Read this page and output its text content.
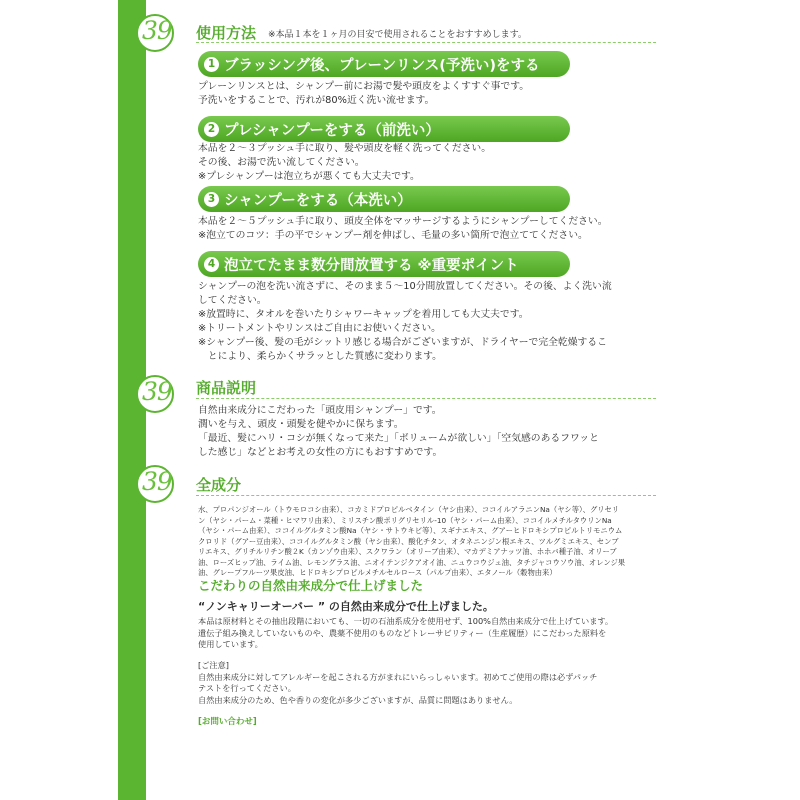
39 使用方法 ※本品１本を１ヶ月の目安で使用されることをおすすめします。
1 ブラッシング後、プレーンリンス(予洗い)をする
プレーンリンスとは、シャンプー前にお湯で髪や頭皮をよくすすぐ事です。
予洗いをすることで、汚れが80%近く洗い流せます。
2 プレシャンプーをする（前洗い）
本品を２～３プッシュ手に取り、髪や頭皮を軽く洗ってください。
その後、お湯で洗い流してください。
※プレシャンプーは泡立ちが悪くても大丈夫です。
3 シャンプーをする（本洗い）
本品を２～５プッシュ手に取り、頭皮全体をマッサージするようにシャンプーしてください。
※泡立てのコツ：手の平でシャンプー剤を伸ばし、毛量の多い箇所で泡立ててください。
4 泡立てたまま数分間放置する ※重要ポイント
シャンプーの泡を洗い流さずに、そのまま５～10分間放置してください。その後、よく洗い流
してください。
※放置時に、タオルを巻いたりシャワーキャップを着用しても大丈夫です。
※トリートメントやリンスはご自由にお使いください。
※シャンプー後、髪の毛がシットリ感じる場合がございますが、ドライヤーで完全乾燥するこ
　とにより、柔らかくサラッとした質感に変わります。
39 商品説明
自然由来成分にこだわった「頭皮用シャンプー」です。
潤いを与え、頭皮・頭髪を健やかに保ちます。
「最近、髪にハリ・コシが無くなって来た」「ボリュームが欲しい」「空気感のあるフワッと
した感じ」などとお考えの女性の方にもおすすめです。
39 全成分
水、プロパンジオール（トウモロコシ由来）、コカミドプロピルベタイン（ヤシ由来）、ココイルアラニンNa（ヤシ等）、グリセリ
ン（ヤシ・パーム・菜種・ヒマワリ由来）、ミリスチン酸ポリグリセリル-10（ヤシ・パーム由来）、ココイルメチルタウリンNa
（ヤシ・パーム由来）、ココイルグルタミン酸Na（ヤシ・サトウキビ等）、スギナエキス、グアーヒドロキシプロピルトリモニウム
クロリド（グアー豆由来）、ココイルグルタミン酸（ヤシ由来）、酸化チタン、オタネニンジン根エキス、ツルグミエキス、センブ
リエキス、グリチルリチン酸２K（カンゾウ由来）、スクワラン（オリーブ由来）、マカデミアナッツ油、ホホバ種子油、オリーブ
油、ローズヒップ油、ライム油、レモングラス油、ニオイテンジクアオイ油、ニュウコウジュ油、タチジャコウソウ油、オレンジ果
油、グレープフルーツ果皮油、ヒドロキシプロピルメチルセルロース（パルプ由来）、エタノール（穀物由来）
こだわりの自然由来成分で仕上げました
“ノンキャリーオーバー ” の自然由来成分で仕上げました。
本品は原材料とその抽出段階においても、一切の石油系成分を使用せず、100%自然由来成分で仕上げています。
遺伝子組み換えしていないものや、農薬不使用のものなどトレーサビリティー（生産履歴）にこだわった原料を
使用しています。
[ご注意]
自然由来成分に対してアレルギーを起こされる方がまれにいらっしゃいます。初めてご使用の際は必ずパッチ
テストを行ってください。
自然由来成分のため、色や香りの変化が多少ございますが、品質に問題はありません。
[お問い合わせ]
